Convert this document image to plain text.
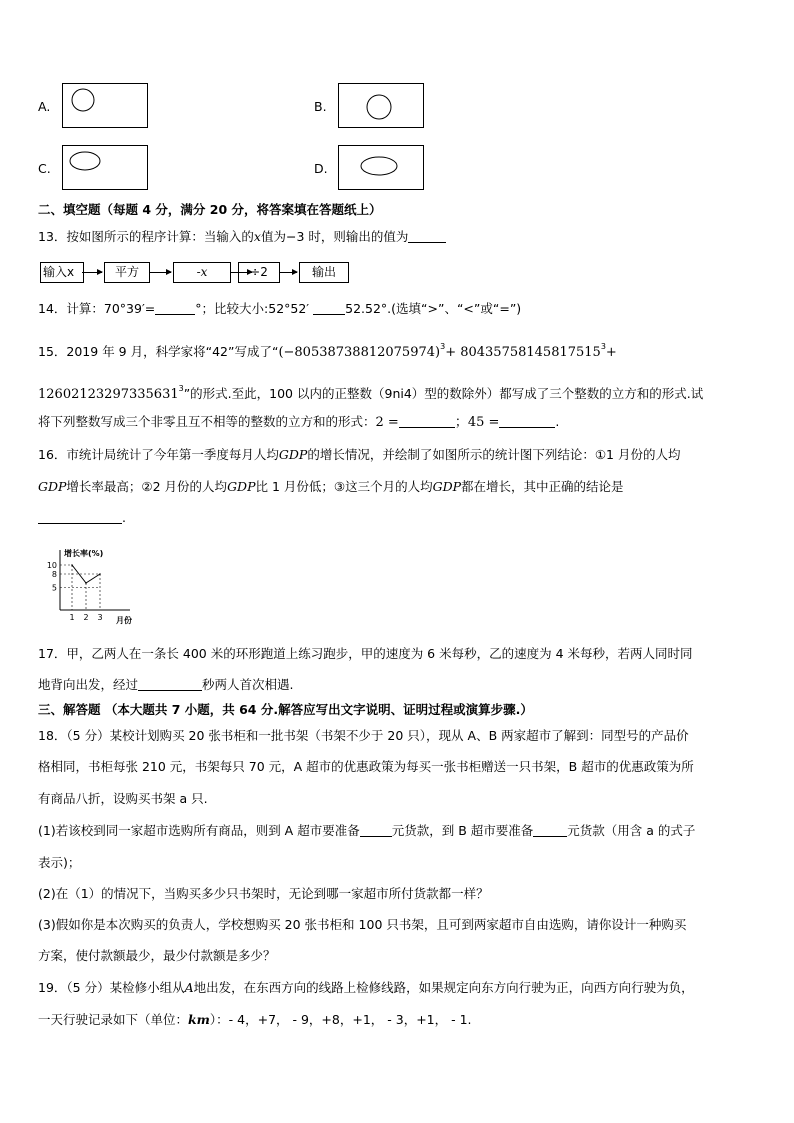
A.	B.
C.	D.
二、填空题（每题 4 分，满分 20 分，将答案填在答题纸上）
13．按如图所示的程序计算：当输入的x值为−3 时，则输出的值为
输入x	平方	-x	÷2	输出
14．计算：70°39′=	°；比较大小:52°52′	52.52°.(选填“>”、“<”或“=”)
15．2019 年 9 月，科学家将“42”写成了“$(-80538738812075974)^3+ 80435758145817515^3+$
$12602123297335631^3$”的形式.至此，100 以内的正整数（9ni4）型的数除外）都写成了三个整数的立方和的形式.试
将下列整数写成三个非零且互不相等的整数的立方和的形式：2 =	；45 =	.
16．市统计局统计了今年第一季度每月人均GDP的增长情况，并绘制了如图所示的统计图下列结论：①1 月份的人均
GDP增长率最高；②2 月份的人均GDP比 1 月份低；③这三个月的人均GDP都在增长，其中正确的结论是
.
增长率(%)
月份
5
8
10
1 2 3
17．甲，乙两人在一条长 400 米的环形跑道上练习跑步，甲的速度为 6 米每秒，乙的速度为 4 米每秒，若两人同时同
地背向出发，经过	秒两人首次相遇.
三、解答题 （本大题共 7 小题，共 64 分.解答应写出文字说明、证明过程或演算步骤.）
18．（5 分）某校计划购买 20 张书柜和一批书架（书架不少于 20 只），现从 A、B 两家超市了解到：同型号的产品价
格相同，书柜每张 210 元，书架每只 70 元，A 超市的优惠政策为每买一张书柜赠送一只书架，B 超市的优惠政策为所
有商品八折，设购买书架 a 只.
(1)若该校到同一家超市选购所有商品，则到 A 超市要准备	元货款，到 B 超市要准备	元货款（用含 a 的式子
表示)；
(2)在（1）的情况下，当购买多少只书架时，无论到哪一家超市所付货款都一样？
(3)假如你是本次购买的负责人，学校想购买 20 张书柜和 100 只书架，且可到两家超市自由选购，请你设计一种购买
方案，使付款额最少，最少付款额是多少？
19．（5 分）某检修小组从A地出发，在东西方向的线路上检修线路，如果规定向东方向行驶为正，向西方向行驶为负，
一天行驶记录如下（单位：km）：- 4，+7， - 9，+8，+1， - 3，+1， - 1.
